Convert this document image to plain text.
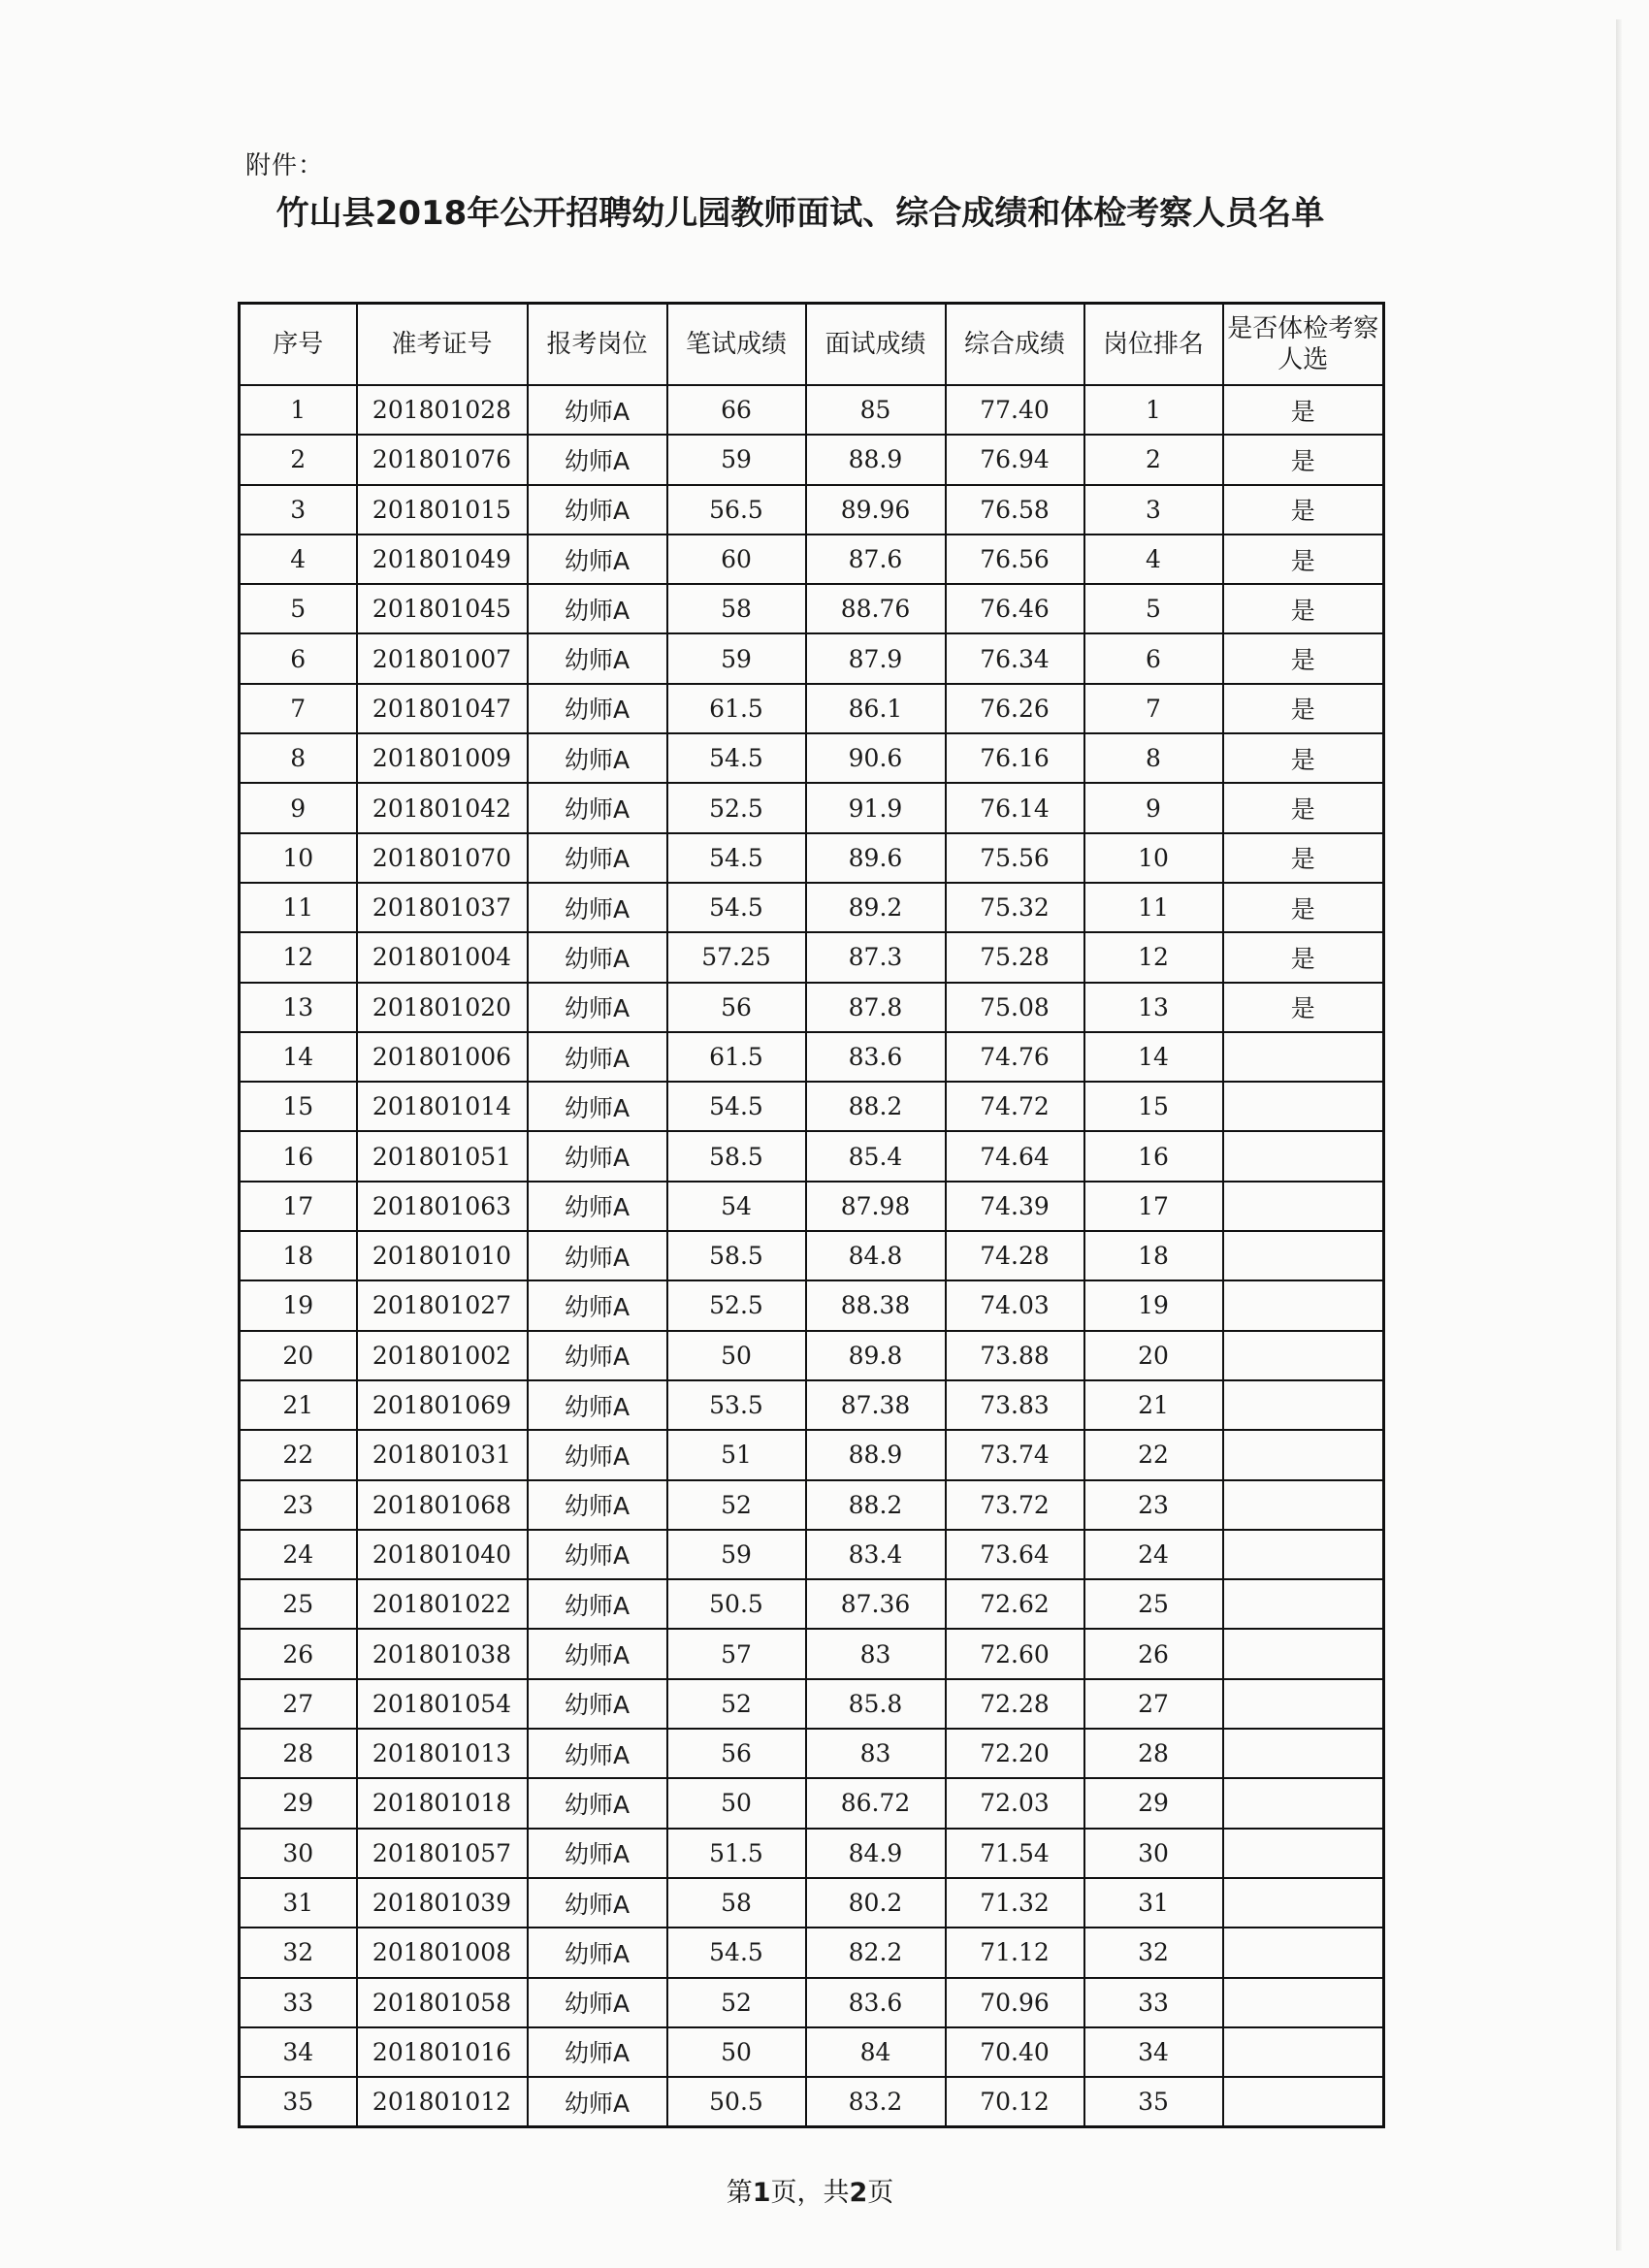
附件：
竹山县2018年公开招聘幼儿园教师面试、综合成绩和体检考察人员名单
序号	准考证号	报考岗位	笔试成绩	面试成绩	综合成绩	岗位排名	是否体检考察人选
1	201801028	幼师A	66	85	77.40	1	是
2	201801076	幼师A	59	88.9	76.94	2	是
3	201801015	幼师A	56.5	89.96	76.58	3	是
4	201801049	幼师A	60	87.6	76.56	4	是
5	201801045	幼师A	58	88.76	76.46	5	是
6	201801007	幼师A	59	87.9	76.34	6	是
7	201801047	幼师A	61.5	86.1	76.26	7	是
8	201801009	幼师A	54.5	90.6	76.16	8	是
9	201801042	幼师A	52.5	91.9	76.14	9	是
10	201801070	幼师A	54.5	89.6	75.56	10	是
11	201801037	幼师A	54.5	89.2	75.32	11	是
12	201801004	幼师A	57.25	87.3	75.28	12	是
13	201801020	幼师A	56	87.8	75.08	13	是
14	201801006	幼师A	61.5	83.6	74.76	14	
15	201801014	幼师A	54.5	88.2	74.72	15	
16	201801051	幼师A	58.5	85.4	74.64	16	
17	201801063	幼师A	54	87.98	74.39	17	
18	201801010	幼师A	58.5	84.8	74.28	18	
19	201801027	幼师A	52.5	88.38	74.03	19	
20	201801002	幼师A	50	89.8	73.88	20	
21	201801069	幼师A	53.5	87.38	73.83	21	
22	201801031	幼师A	51	88.9	73.74	22	
23	201801068	幼师A	52	88.2	73.72	23	
24	201801040	幼师A	59	83.4	73.64	24	
25	201801022	幼师A	50.5	87.36	72.62	25	
26	201801038	幼师A	57	83	72.60	26	
27	201801054	幼师A	52	85.8	72.28	27	
28	201801013	幼师A	56	83	72.20	28	
29	201801018	幼师A	50	86.72	72.03	29	
30	201801057	幼师A	51.5	84.9	71.54	30	
31	201801039	幼师A	58	80.2	71.32	31	
32	201801008	幼师A	54.5	82.2	71.12	32	
33	201801058	幼师A	52	83.6	70.96	33	
34	201801016	幼师A	50	84	70.40	34	
35	201801012	幼师A	50.5	83.2	70.12	35	
第1页，共2页
